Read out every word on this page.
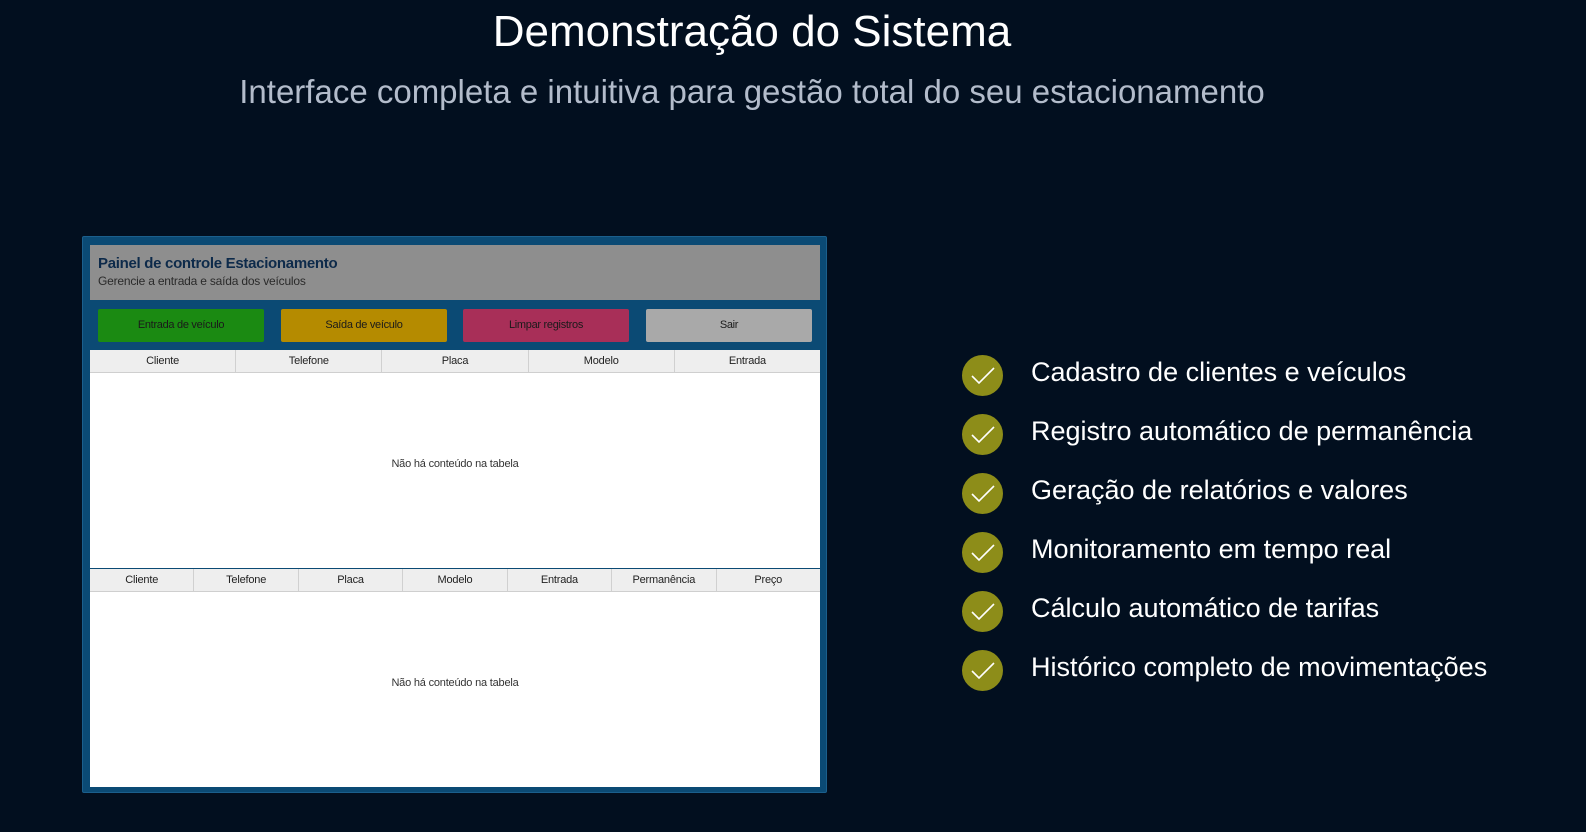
Demonstração do Sistema

Interface completa e intuitiva para gestão total do seu estacionamento

Painel de controle Estacionamento
Gerencie a entrada e saída dos veículos
Entrada de veículo	Saída de veículo	Limpar registros	Sair
Cliente	Telefone	Placa	Modelo	Entrada
Não há conteúdo na tabela
Cliente	Telefone	Placa	Modelo	Entrada	Permanência	Preço
Não há conteúdo na tabela
Cadastro de clientes e veículos
Registro automático de permanência
Geração de relatórios e valores
Monitoramento em tempo real
Cálculo automático de tarifas
Histórico completo de movimentações
